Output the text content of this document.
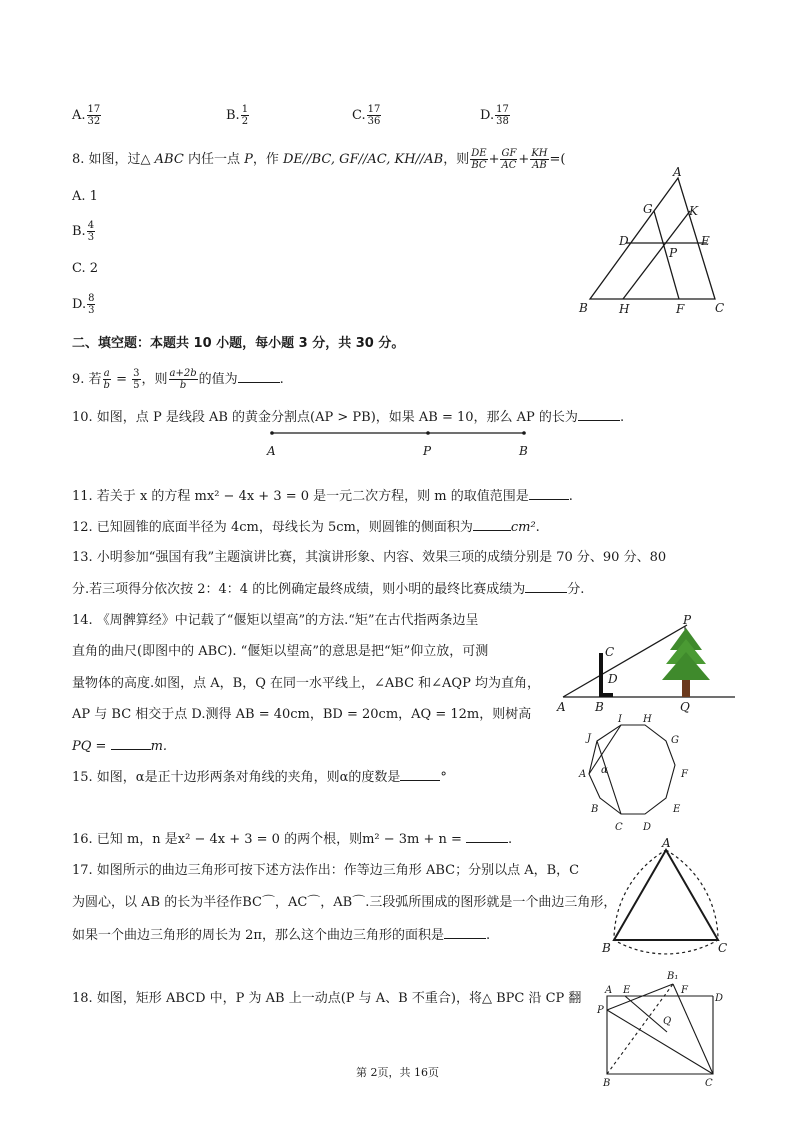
A. $\frac{17}{32}$	B. $\frac{1}{2}$	C. $\frac{17}{36}$	D. $\frac{17}{38}$
8. 如图，过△ ABC 内任一点 P，作 DE//BC, GF//AC, KH//AB，则 $\frac{DE}{BC} + \frac{GF}{AC} + \frac{KH}{AB}$ =(
A. 1
B. $\frac{4}{3}$
C. 2
D. $\frac{8}{3}$
A
B	C
D	E
F
G
H
K
P
二、填空题：本题共 10 小题，每小题 3 分，共 30 分。
9. 若 $\frac{a}{b} = \frac{3}{5}$ ，则 $\frac{a+2b}{b}$ 的值为	.
10. 如图，点 P 是线段 AB 的黄金分割点(AP > PB)，如果 AB = 10，那么 AP 的长为	.
A	P	B
11. 若关于 x 的方程 mx² − 4x + 3 = 0 是一元二次方程，则 m 的取值范围是	.
12. 已知圆锥的底面半径为 4cm，母线长为 5cm，则圆锥的侧面积为	cm².
13. 小明参加“强国有我”主题演讲比赛，其演讲形象、内容、效果三项的成绩分别是 70 分、90 分、80
分.若三项得分依次按 2：4：4 的比例确定最终成绩，则小明的最终比赛成绩为	分.
14. 《周髀算经》中记载了“偃矩以望高”的方法.“矩”在古代指两条边呈
直角的曲尺(即图中的 ABC). “偃矩以望高”的意思是把“矩”仰立放，可测
量物体的高度.如图，点 A，B，Q 在同一水平线上，∠ABC 和∠AQP 均为直角，
AP 与 BC 相交于点 D.测得 AB = 40cm，BD = 20cm，AQ = 12m，则树高
PQ =	m.
P
C
D
A B	Q
15. 如图，α是正十边形两条对角线的夹角，则α的度数是	°
I H
J	G
A	F
B	E
C D
α
16. 已知 m，n 是x² − 4x + 3 = 0 的两个根，则m² − 3m + n =	.
17. 如图所示的曲边三角形可按下述方法作出：作等边三角形 ABC；分别以点 A，B，C
为圆心，以 AB 的长为半径作BC⌒，AC⌒，AB⌒.三段弧所围成的图形就是一个曲边三角形，
如果一个曲边三角形的周长为 2π，那么这个曲边三角形的面积是	.
A
B	C
18. 如图，矩形 ABCD 中，P 为 AB 上一动点(P 与 A、B 不重合)，将△ BPC 沿 CP 翻
A E
B₁
F
D
P
Q
B	C
第 2页，共 16页
